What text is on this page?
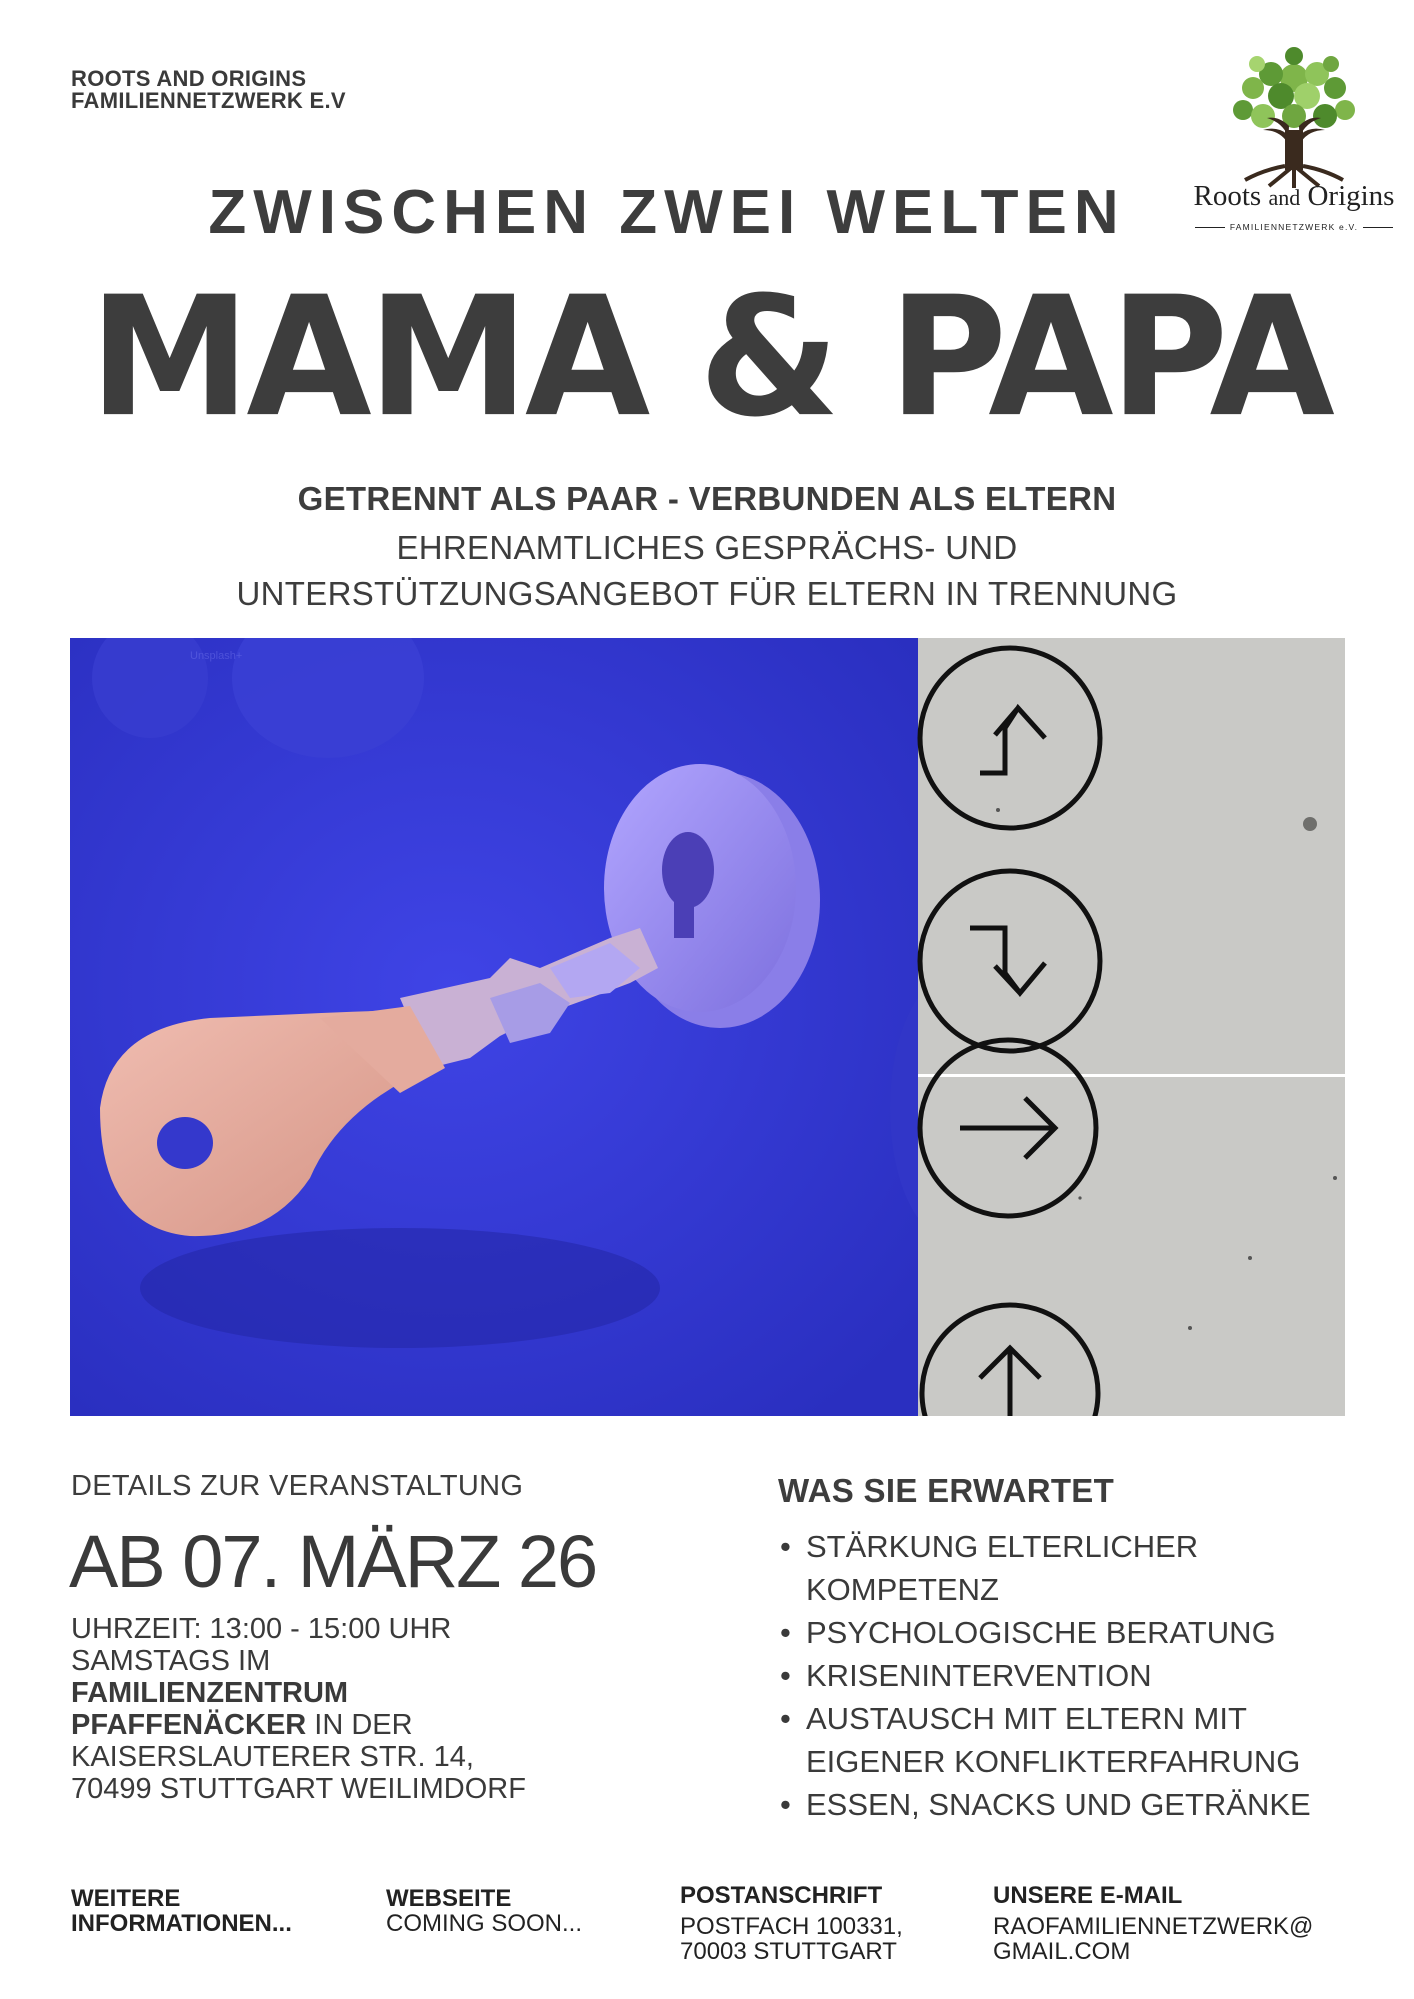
ROOTS AND ORIGINS
FAMILIENNETZWERK E.V
Roots and Origins
FAMILIENNETZWERK e.V.
ZWISCHEN ZWEI WELTEN
MAMA & PAPA
GETRENNT ALS PAAR - VERBUNDEN ALS ELTERN
EHRENAMTLICHES GESPRÄCHS- UND
UNTERSTÜTZUNGSANGEBOT FÜR ELTERN IN TRENNUNG
Unsplash+
DETAILS ZUR VERANSTALTUNG
AB 07. MÄRZ 26
UHRZEIT: 13:00 - 15:00 UHR
SAMSTAGS IM
FAMILIENZENTRUM
PFAFFENÄCKER IN DER
KAISERSLAUTERER STR. 14,
70499 STUTTGART WEILIMDORF
WAS SIE ERWARTET
• STÄRKUNG ELTERLICHER
KOMPETENZ
• PSYCHOLOGISCHE BERATUNG
• KRISENINTERVENTION
• AUSTAUSCH MIT ELTERN MIT
EIGENER KONFLIKTERFAHRUNG
• ESSEN, SNACKS UND GETRÄNKE
WEITERE
INFORMATIONEN...
WEBSEITE
COMING SOON...
POSTANSCHRIFT
POSTFACH 100331,
70003 STUTTGART
UNSERE E-MAIL
RAOFAMILIENNETZWERK@
GMAIL.COM
